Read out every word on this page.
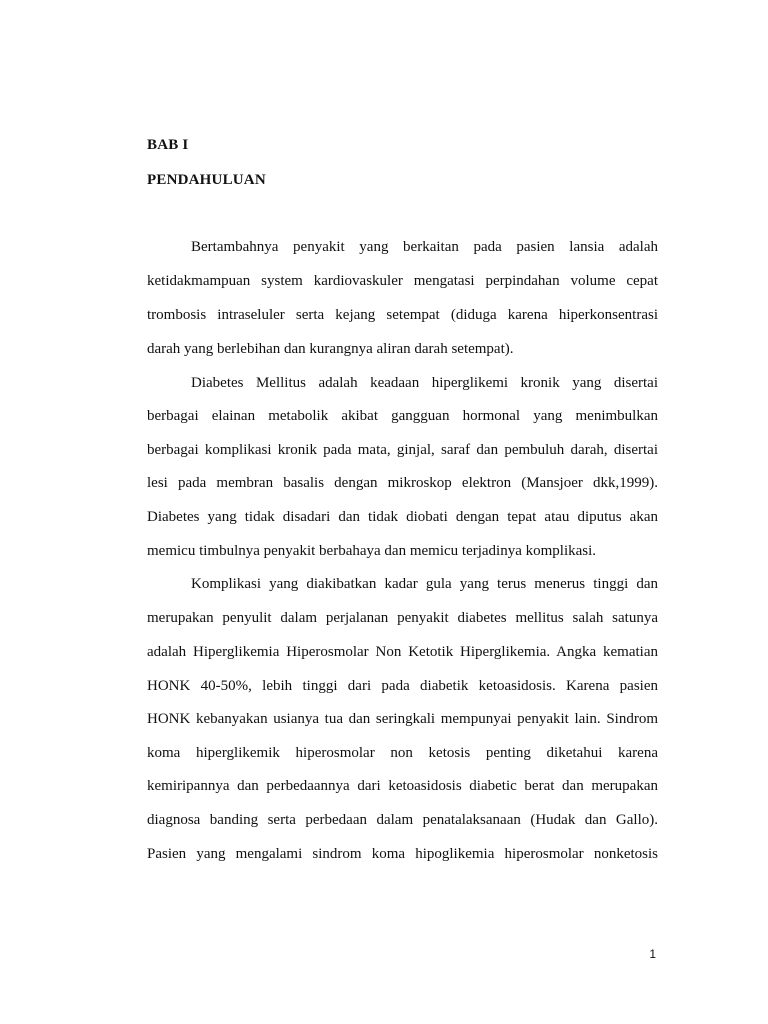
BAB I
PENDAHULUAN
Bertambahnya penyakit yang berkaitan pada pasien lansia adalah
ketidakmampuan system kardiovaskuler mengatasi perpindahan volume cepat
trombosis intraseluler serta kejang setempat (diduga karena hiperkonsentrasi
darah yang berlebihan dan kurangnya aliran darah setempat).
Diabetes Mellitus adalah keadaan hiperglikemi kronik yang disertai
berbagai elainan metabolik akibat gangguan hormonal yang menimbulkan
berbagai komplikasi kronik pada mata, ginjal, saraf dan pembuluh darah, disertai
lesi pada membran basalis dengan mikroskop elektron (Mansjoer dkk,1999).
Diabetes yang tidak disadari dan tidak diobati dengan tepat atau diputus akan
memicu timbulnya penyakit berbahaya dan memicu terjadinya komplikasi.
Komplikasi yang diakibatkan kadar gula yang terus menerus tinggi dan
merupakan penyulit dalam perjalanan penyakit diabetes mellitus salah satunya
adalah Hiperglikemia Hiperosmolar Non Ketotik Hiperglikemia. Angka kematian
HONK 40-50%, lebih tinggi dari pada diabetik ketoasidosis. Karena pasien
HONK kebanyakan usianya tua dan seringkali mempunyai penyakit lain. Sindrom
koma hiperglikemik hiperosmolar non ketosis penting diketahui karena
kemiripannya dan perbedaannya dari ketoasidosis diabetic berat dan merupakan
diagnosa banding serta perbedaan dalam penatalaksanaan (Hudak dan Gallo).
Pasien yang mengalami sindrom koma hipoglikemia hiperosmolar nonketosis
1
